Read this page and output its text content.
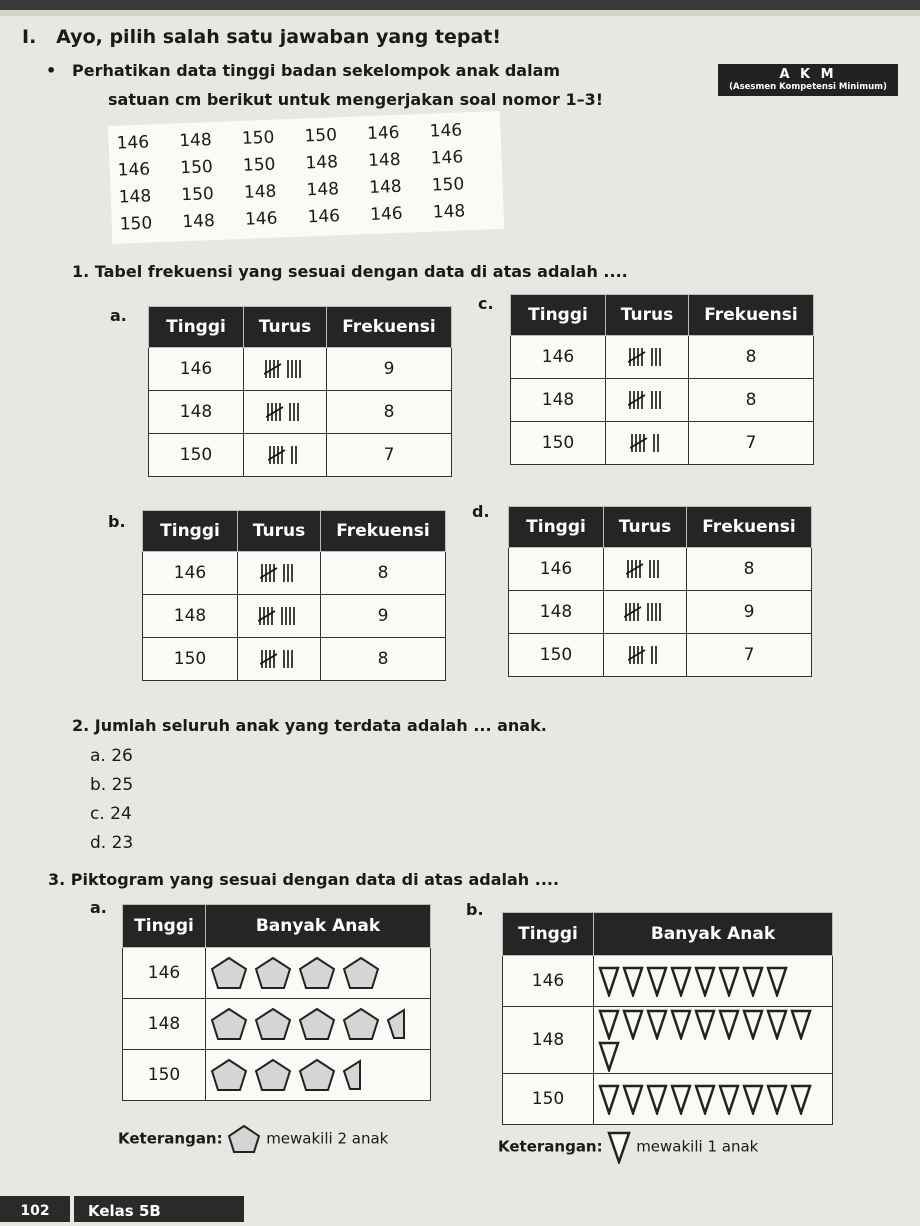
I. Ayo, pilih salah satu jawaban yang tepat!
• Perhatikan data tinggi badan sekelompok anak dalam
satuan cm berikut untuk mengerjakan soal nomor 1–3!
A K M
(Asesmen Kompetensi Minimum)
146	148	150	150	146	146
146	150	150	148	148	146
148	150	148	148	148	150
150	148	146	146	146	148
1. Tabel frekuensi yang sesuai dengan data di atas adalah ....
a.
Tinggi	Turus	Frekuensi
146		9
148		8
150		7
c.
Tinggi	Turus	Frekuensi
146		8
148		8
150		7
b. Tinggi	Turus	Frekuensi
146		8
148		9
150		8
d.
Tinggi	Turus	Frekuensi
146		8
148		9
150		7
2. Jumlah seluruh anak yang terdata adalah ... anak.
a. 26
b. 25
c. 24
d. 23
3. Piktogram yang sesuai dengan data di atas adalah ....
a.
Tinggi	Banyak Anak
146	
148	
150	
b.
Tinggi	Banyak Anak
146	
148	
150	
Keterangan:	mewakili 2 anak	Keterangan: mewakili 1 anak
102	Kelas 5B
